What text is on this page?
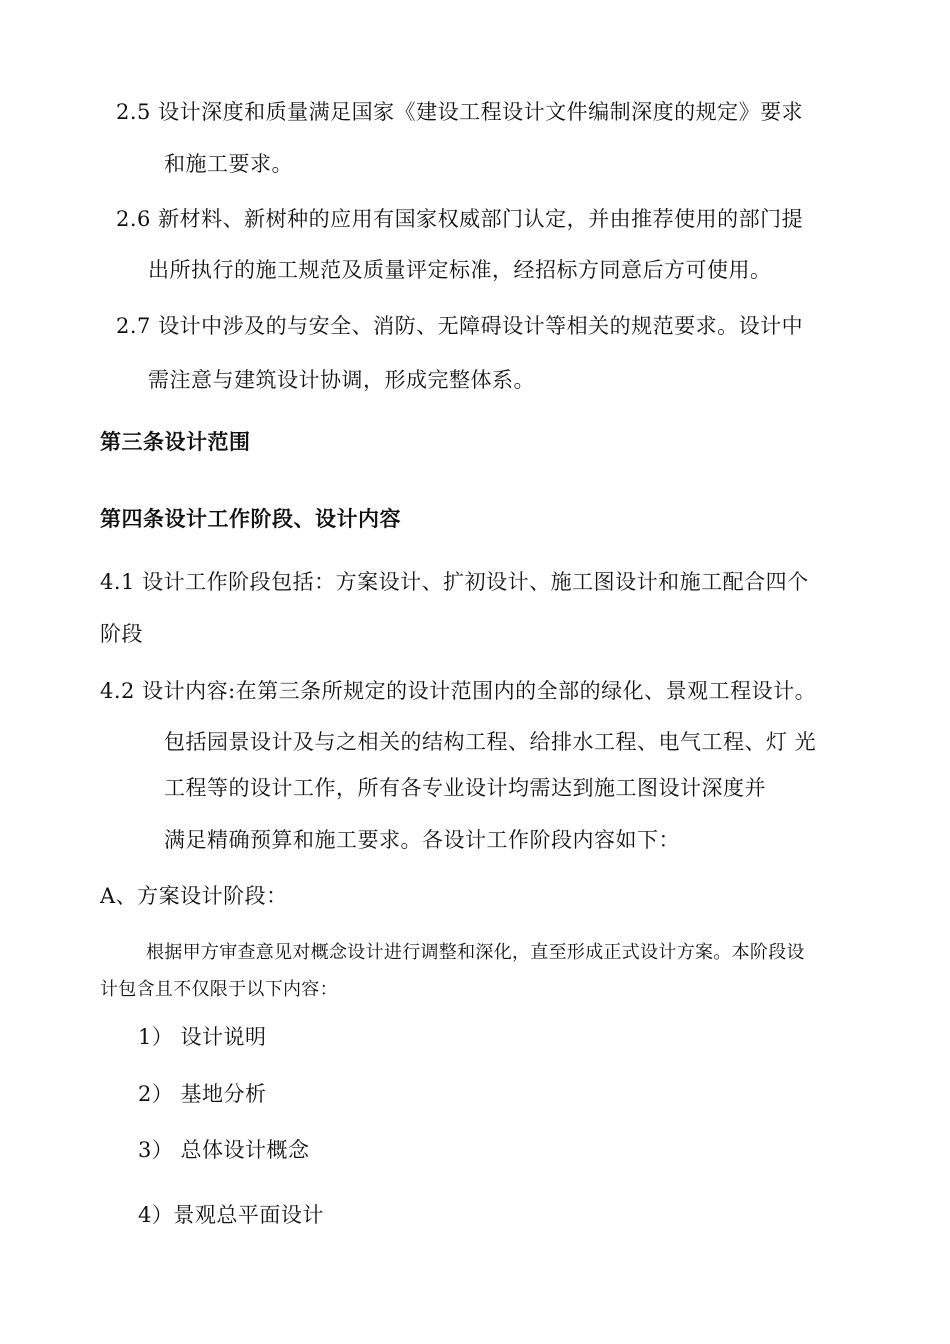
2.5 设计深度和质量满足国家《建设工程设计文件编制深度的规定》要求
和施工要求。
2.6 新材料、新树种的应用有国家权威部门认定，并由推荐使用的部门提
出所执行的施工规范及质量评定标准，经招标方同意后方可使用。
2.7 设计中涉及的与安全、消防、无障碍设计等相关的规范要求。设计中
需注意与建筑设计协调，形成完整体系。
第三条设计范围
第四条设计工作阶段、设计内容
4.1 设计工作阶段包括：方案设计、扩初设计、施工图设计和施工配合四个
阶段
4.2 设计内容:在第三条所规定的设计范围内的全部的绿化、景观工程设计。
包括园景设计及与之相关的结构工程、给排水工程、电气工程、灯 光
工程等的设计工作，所有各专业设计均需达到施工图设计深度并
满足精确预算和施工要求。各设计工作阶段内容如下：
A、方案设计阶段：
根据甲方审查意见对概念设计进行调整和深化，直至形成正式设计方案。本阶段设
计包含且不仅限于以下内容：
1） 设计说明
2） 基地分析
3） 总体设计概念
4）景观总平面设计
